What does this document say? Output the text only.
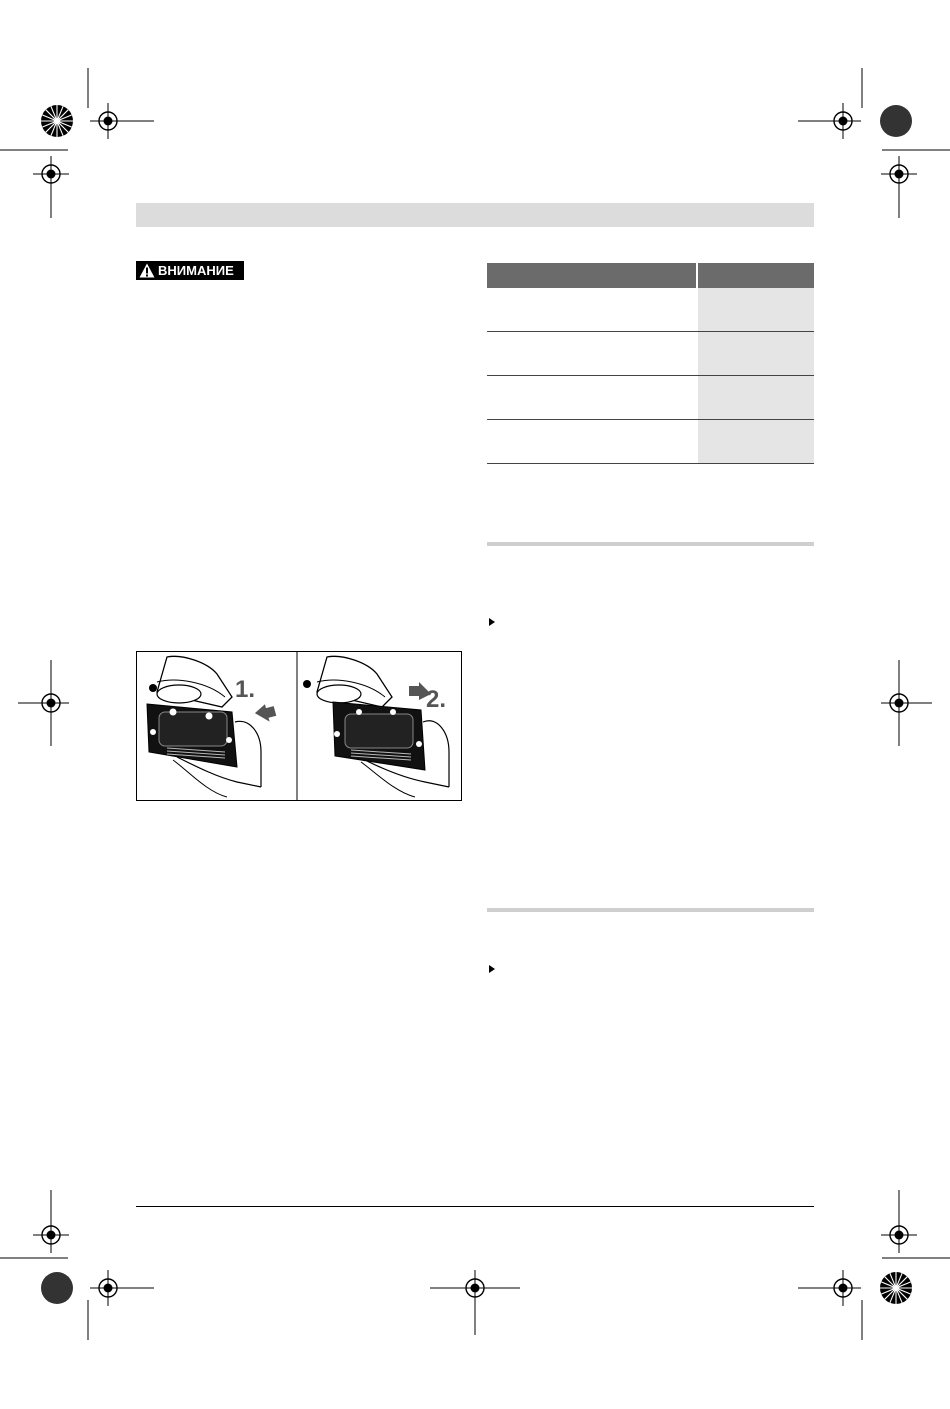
ВНИМАНИЕ
1.	2.
